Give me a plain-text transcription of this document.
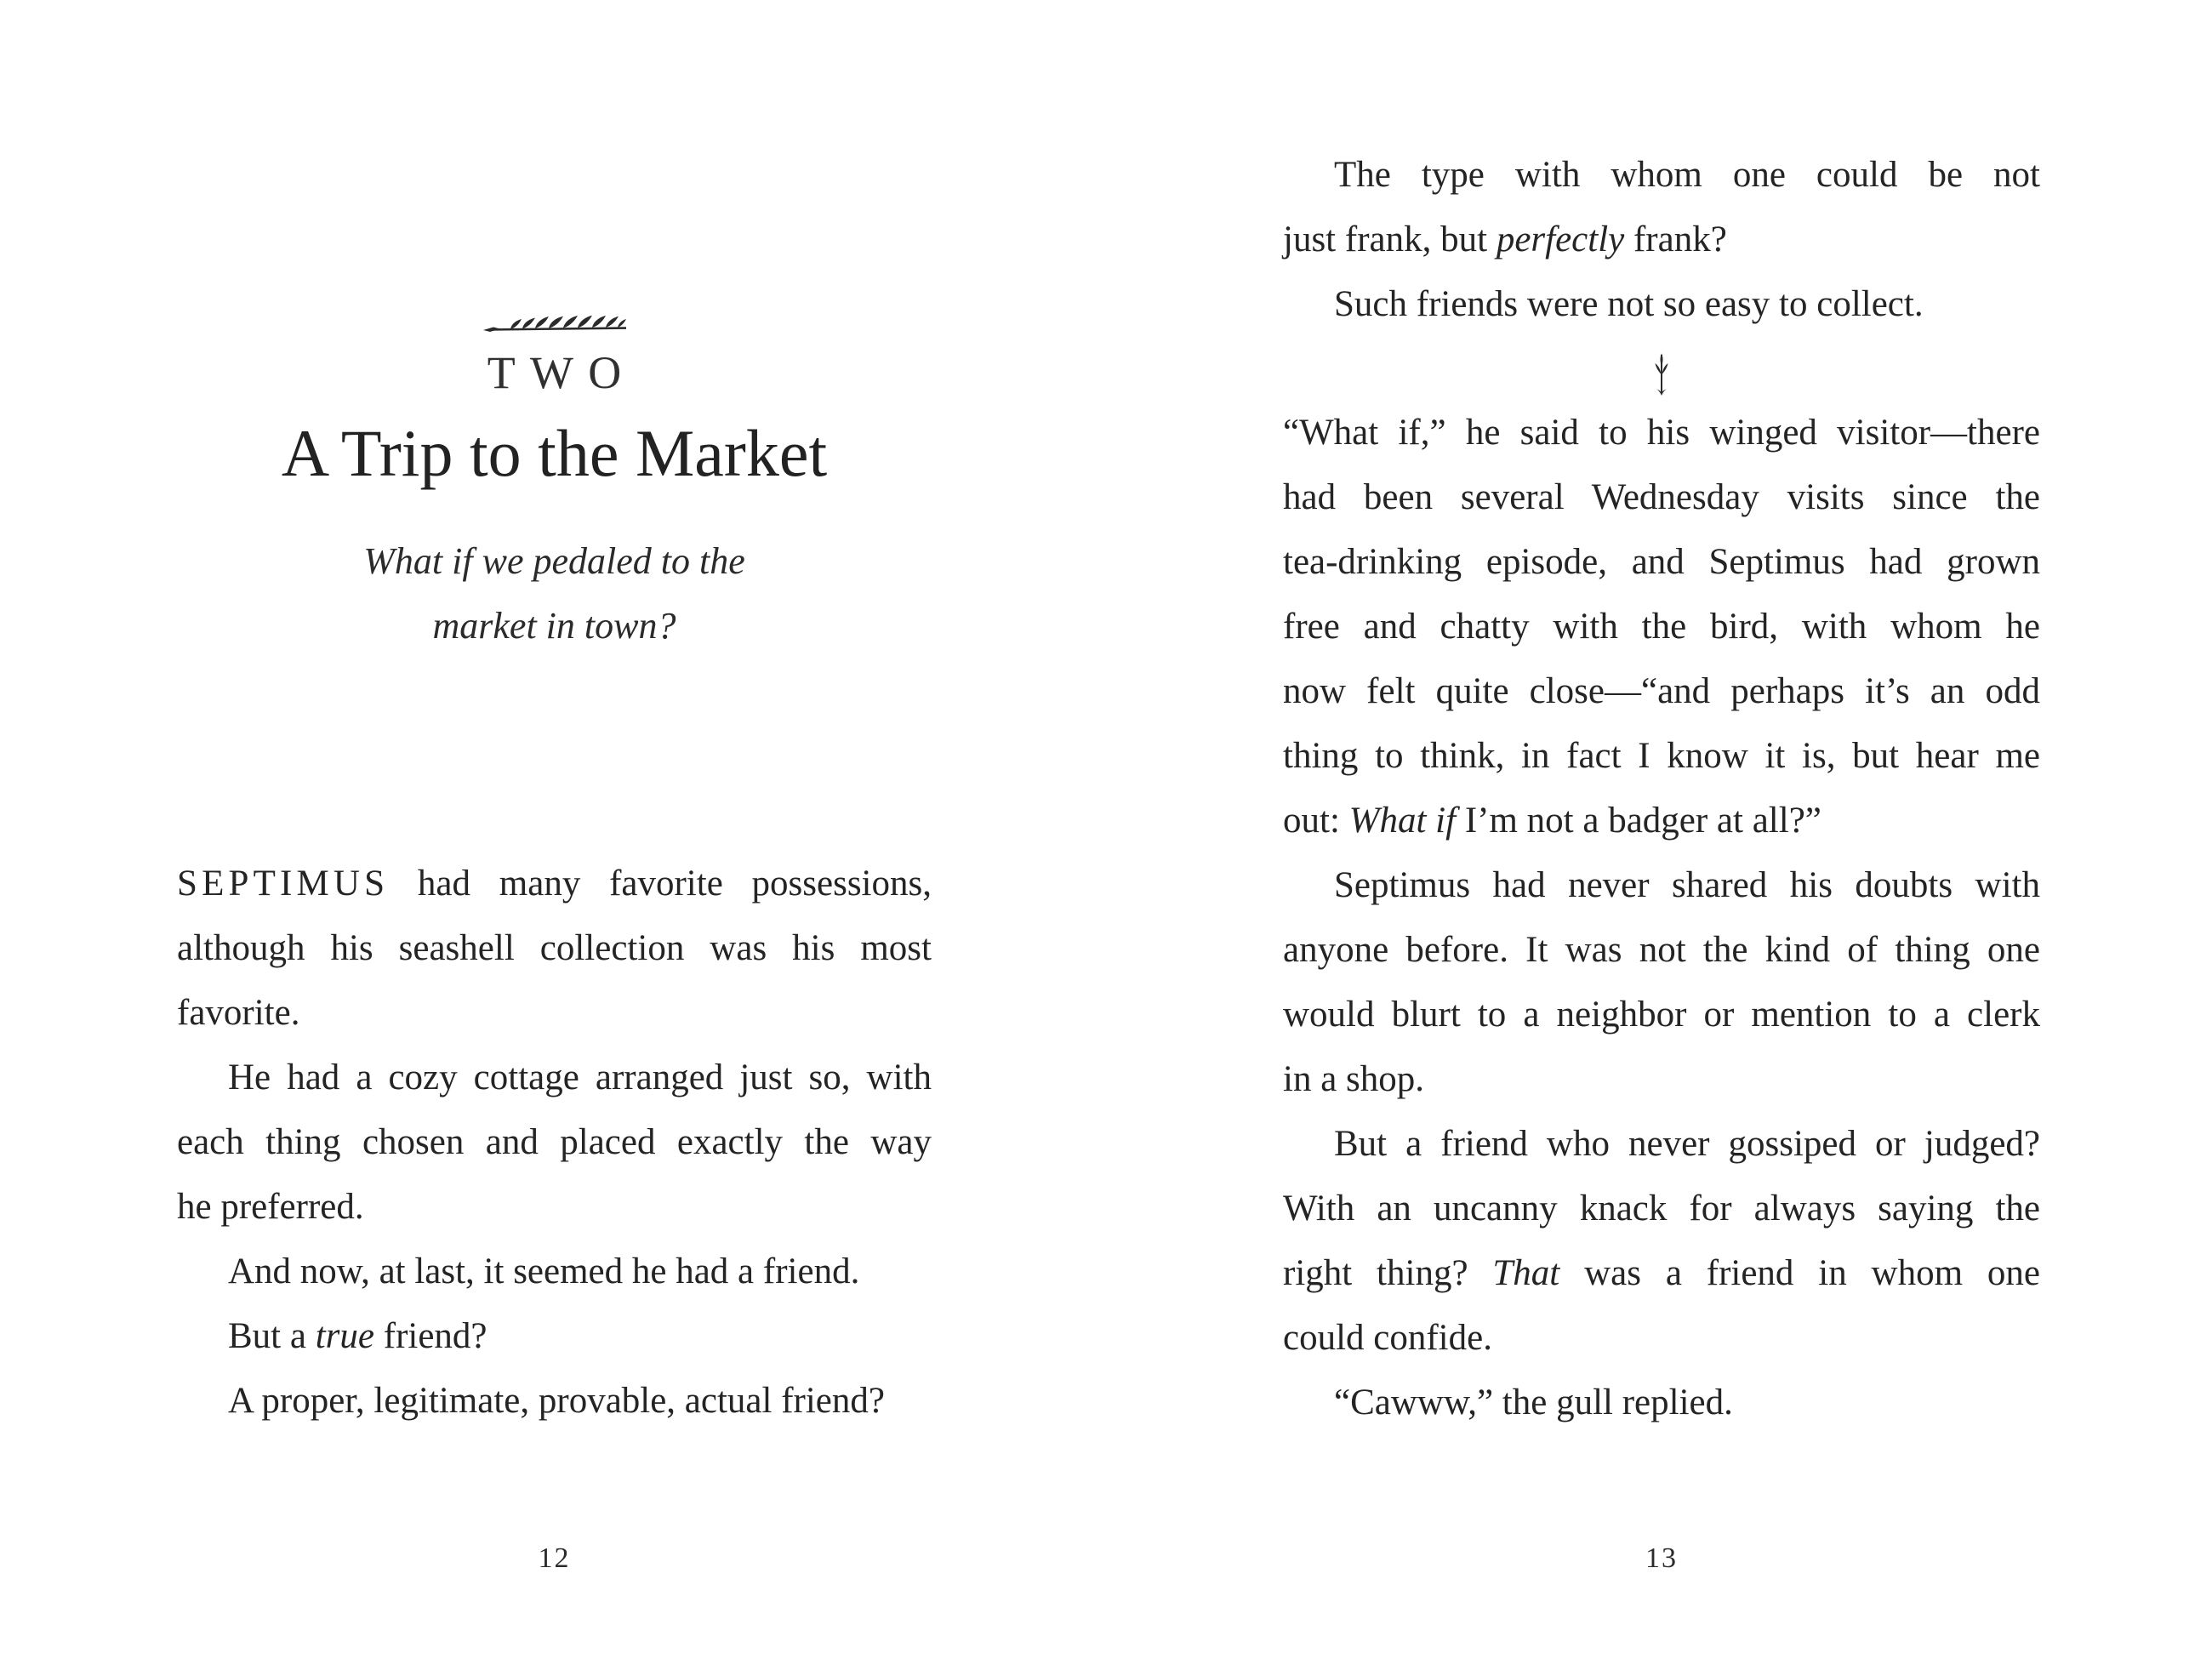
TWO
A Trip to the Market
What if we pedaled to the
market in town?
SEPTIMUS had many favorite possessions,
although his seashell collection was his most
favorite.
He had a cozy cottage arranged just so, with
each thing chosen and placed exactly the way
he preferred.
And now, at last, it seemed he had a friend.
But a true friend?
A proper, legitimate, provable, actual friend?
12
The type with whom one could be not
just frank, but perfectly frank?
Such friends were not so easy to collect.
“What if,” he said to his winged visitor—there
had been several Wednesday visits since the
tea-drinking episode, and Septimus had grown
free and chatty with the bird, with whom he
now felt quite close—“and perhaps it’s an odd
thing to think, in fact I know it is, but hear me
out: What if I’m not a badger at all?”
Septimus had never shared his doubts with
anyone before. It was not the kind of thing one
would blurt to a neighbor or mention to a clerk
in a shop.
But a friend who never gossiped or judged?
With an uncanny knack for always saying the
right thing? That was a friend in whom one
could confide.
“Cawww,” the gull replied.
13
